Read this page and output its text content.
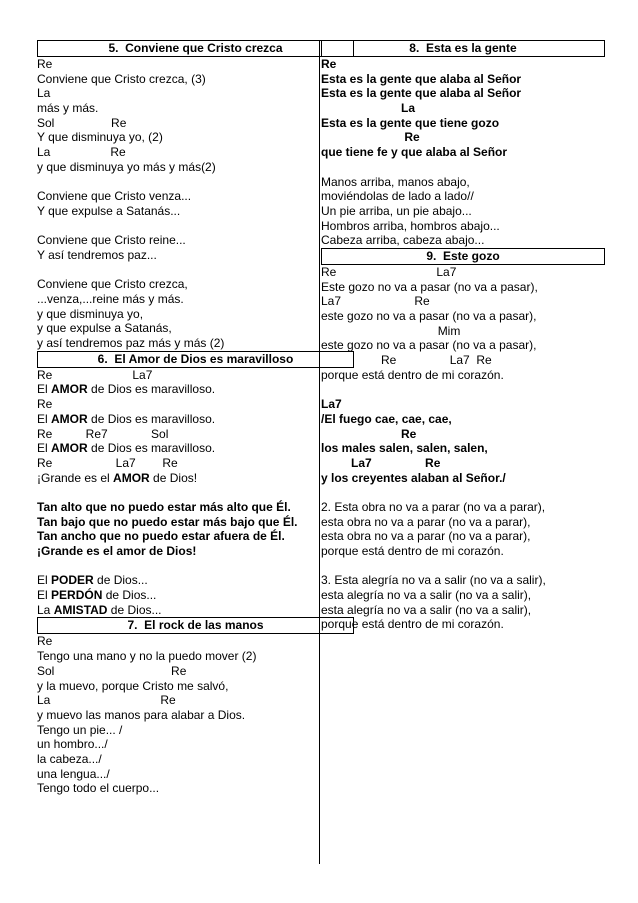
5.  Conviene que Cristo crezca
Re
Conviene que Cristo crezca, (3)
La
más y más.
Sol                 Re
Y que disminuya yo, (2)
La                  Re
y que disminuya yo más y más(2)
Conviene que Cristo venza...
Y que expulse a Satanás...
Conviene que Cristo reine...
Y así tendremos paz...
Conviene que Cristo crezca,
...venza,...reine más y más.
y que disminuya yo,
y que expulse a Satanás,
y así tendremos paz más y más (2)
6.  El Amor de Dios es maravilloso
Re                        La7
El AMOR de Dios es maravilloso.
Re
El AMOR de Dios es maravilloso.
Re          Re7             Sol
El AMOR de Dios es maravilloso.
Re                   La7        Re
¡Grande es el AMOR de Dios!
Tan alto que no puedo estar más alto que Él.
Tan bajo que no puedo estar más bajo que Él.
Tan ancho que no puedo estar afuera de Él.
¡Grande es el amor de Dios!
El PODER de Dios...
El PERDÓN de Dios...
La AMISTAD de Dios...
7.  El rock de las manos
Re
Tengo una mano y no la puedo mover (2)
Sol                                   Re
y la muevo, porque Cristo me salvó,
La                                 Re
y muevo las manos para alabar a Dios.
Tengo un pie... /
un hombro.../
la cabeza.../
una lengua.../
Tengo todo el cuerpo...
8.  Esta es la gente
Re
Esta es la gente que alaba al Señor
Esta es la gente que alaba al Señor
La
Esta es la gente que tiene gozo
Re
que tiene fe y que alaba al Señor
Manos arriba, manos abajo,
moviéndolas de lado a lado//
Un pie arriba, un pie abajo...
Hombros arriba, hombros abajo...
Cabeza arriba, cabeza abajo...
9.  Este gozo
Re                              La7
Este gozo no va a pasar (no va a pasar),
La7                      Re
este gozo no va a pasar (no va a pasar),
Mim
este gozo no va a pasar (no va a pasar),
Re                La7  Re
porque está dentro de mi corazón.
La7
/El fuego cae, cae, cae,
Re
los males salen, salen, salen,
La7                Re
y los creyentes alaban al Señor./
2. Esta obra no va a parar (no va a parar),
esta obra no va a parar (no va a parar),
esta obra no va a parar (no va a parar),
porque está dentro de mi corazón.
3. Esta alegría no va a salir (no va a salir),
esta alegría no va a salir (no va a salir),
esta alegría no va a salir (no va a salir),
porque está dentro de mi corazón.
